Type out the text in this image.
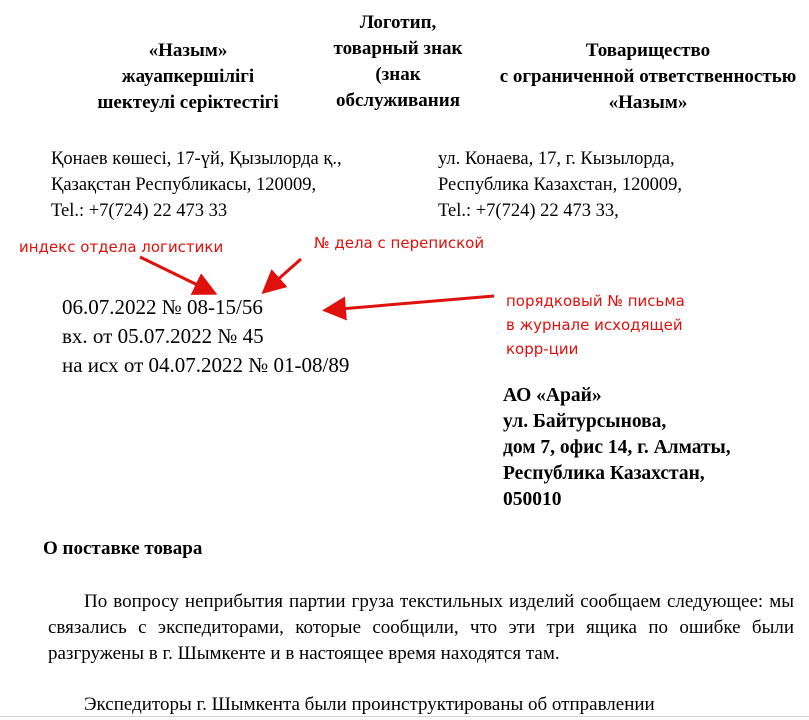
«Назым»
жауапкершілігі
шектеулі серіктестігі
Логотип,
товарный знак
(знак
обслуживания
Товарищество
с ограниченной ответственностью
«Назым»
Қонаев көшесі, 17-үй, Қызылорда қ.,
Қазақстан Республикасы, 120009,
Tel.: +7(724) 22 473 33
ул. Конаева, 17, г. Кызылорда,
Республика Казахстан, 120009,
Tel.: +7(724) 22 473 33,
индекс отдела логистики	№ дела с перепиской
порядковый № письма
в журнале исходящей
корр-ции
06.07.2022 № 08-15/56
вх. от 05.07.2022 № 45
на исх от 04.07.2022 № 01-08/89
АО «Арай»
ул. Байтурсынова,
дом 7, офис 14, г. Алматы,
Республика Казахстан,
050010
О поставке товара
По вопросу неприбытия партии груза текстильных изделий сообщаем следующее: мы связались с экспедиторами, которые сообщили, что эти три ящика по ошибке были разгружены в г. Шымкенте и в настоящее время находятся там.
Экспедиторы г. Шымкента были проинструктированы об отправлении
